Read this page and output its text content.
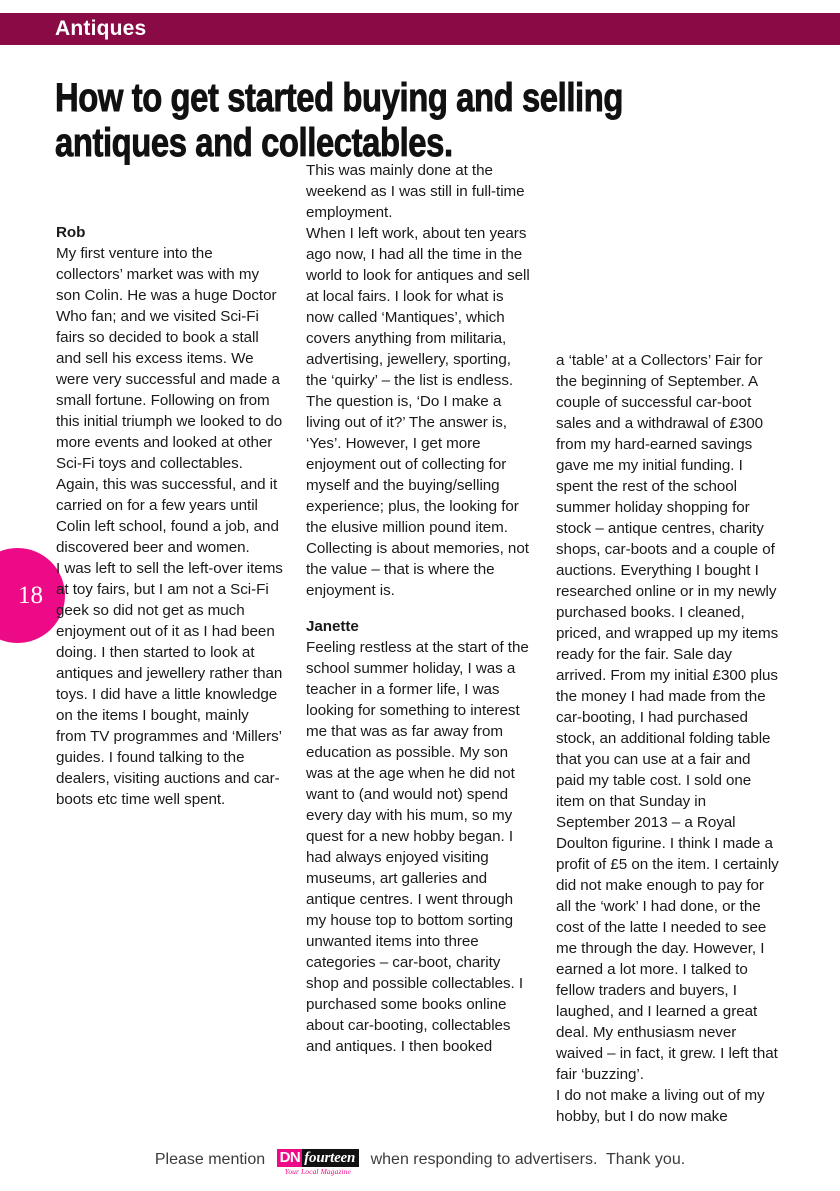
Antiques
How to get started buying and selling antiques and collectables.
18

Rob

My first venture into the collectors’ market was with my son Colin. He was a huge Doctor Who fan; and we visited Sci-Fi fairs so decided to book a stall and sell his excess items. We were very successful and made a small fortune. Following on from this initial triumph we looked to do more events and looked at other Sci-Fi toys and collectables. Again, this was successful, and it carried on for a few years until Colin left school, found a job, and discovered beer and women.

I was left to sell the left-over items at toy fairs, but I am not a Sci-Fi geek so did not get as much enjoyment out of it as I had been doing. I then started to look at antiques and jewellery rather than toys. I did have a little knowledge on the items I bought, mainly from TV programmes and ‘Millers’ guides. I found talking to the dealers, visiting auctions and car-boots etc time well spent.

This was mainly done at the weekend as I was still in full-time employment.

When I left work, about ten years ago now, I had all the time in the world to look for antiques and sell at local fairs. I look for what is now called ‘Mantiques’, which covers anything from militaria, advertising, jewellery, sporting, the ‘quirky’ – the list is endless. The question is, ‘Do I make a living out of it?’ The answer is, ‘Yes’. However, I get more enjoyment out of collecting for myself and the buying/selling experience; plus, the looking for the elusive million pound item.

Collecting is about memories, not the value – that is where the enjoyment is.

Janette

Feeling restless at the start of the school summer holiday, I was a teacher in a former life, I was looking for something to interest me that was as far away from education as possible. My son was at the age when he did not want to (and would not) spend every day with his mum, so my quest for a new hobby began. I had always enjoyed visiting museums, art galleries and antique centres. I went through my house top to bottom sorting unwanted items into three categories – car-boot, charity shop and possible collectables. I purchased some books online about car-booting, collectables and antiques. I then booked

a ‘table’ at a Collectors’ Fair for the beginning of September. A couple of successful car-boot sales and a withdrawal of £300 from my hard-earned savings gave me my initial funding. I spent the rest of the school summer holiday shopping for stock – antique centres, charity shops, car-boots and a couple of auctions. Everything I bought I researched online or in my newly purchased books. I cleaned, priced, and wrapped up my items ready for the fair. Sale day arrived. From my initial £300 plus the money I had made from the car-booting, I had purchased stock, an additional folding table that you can use at a fair and paid my table cost. I sold one item on that Sunday in September 2013 – a Royal Doulton figurine. I think I made a profit of £5 on the item. I certainly did not make enough to pay for all the ‘work’ I had done, or the cost of the latte I needed to see me through the day. However, I earned a lot more. I talked to fellow traders and buyers, I laughed, and I learned a great deal. My enthusiasm never waived – in fact, it grew. I left that fair ‘buzzing’.

I do not make a living out of my hobby, but I do now make

Please mention DN fourteen
Your Local Magazine
when responding to advertisers.  Thank you.
